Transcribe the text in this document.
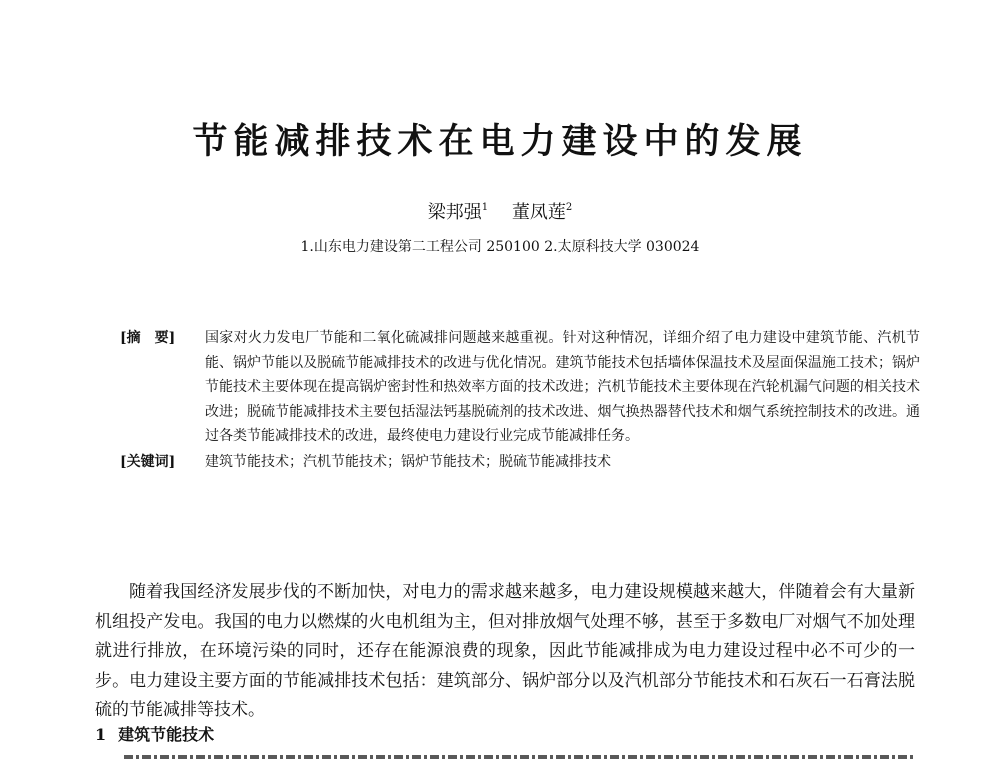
节能减排技术在电力建设中的发展
梁邦强$^1$ 董凤莲$^2$
1.山东电力建设第二工程公司 250100 2.太原科技大学 030024
[摘 要]	国家对火力发电厂节能和二氧化硫减排问题越来越重视。针对这种情况，详细介绍了电力建设中建筑节能、汽机节能、锅炉节能以及脱硫节能减排技术的改进与优化情况。建筑节能技术包括墙体保温技术及屋面保温施工技术；锅炉节能技术主要体现在提高锅炉密封性和热效率方面的技术改进；汽机节能技术主要体现在汽轮机漏气问题的相关技术改进；脱硫节能减排技术主要包括湿法钙基脱硫剂的技术改进、烟气换热器替代技术和烟气系统控制技术的改进。通过各类节能减排技术的改进，最终使电力建设行业完成节能减排任务。
[关键词]	建筑节能技术；汽机节能技术；锅炉节能技术；脱硫节能减排技术

随着我国经济发展步伐的不断加快，对电力的需求越来越多，电力建设规模越来越大，伴随着会有大量新机组投产发电。我国的电力以燃煤的火电机组为主，但对排放烟气处理不够，甚至于多数电厂对烟气不加处理就进行排放，在环境污染的同时，还存在能源浪费的现象，因此节能减排成为电力建设过程中必不可少的一步。电力建设主要方面的节能减排技术包括：建筑部分、锅炉部分以及汽机部分节能技术和石灰石一石膏法脱硫的节能减排等技术。

1 建筑节能技术
